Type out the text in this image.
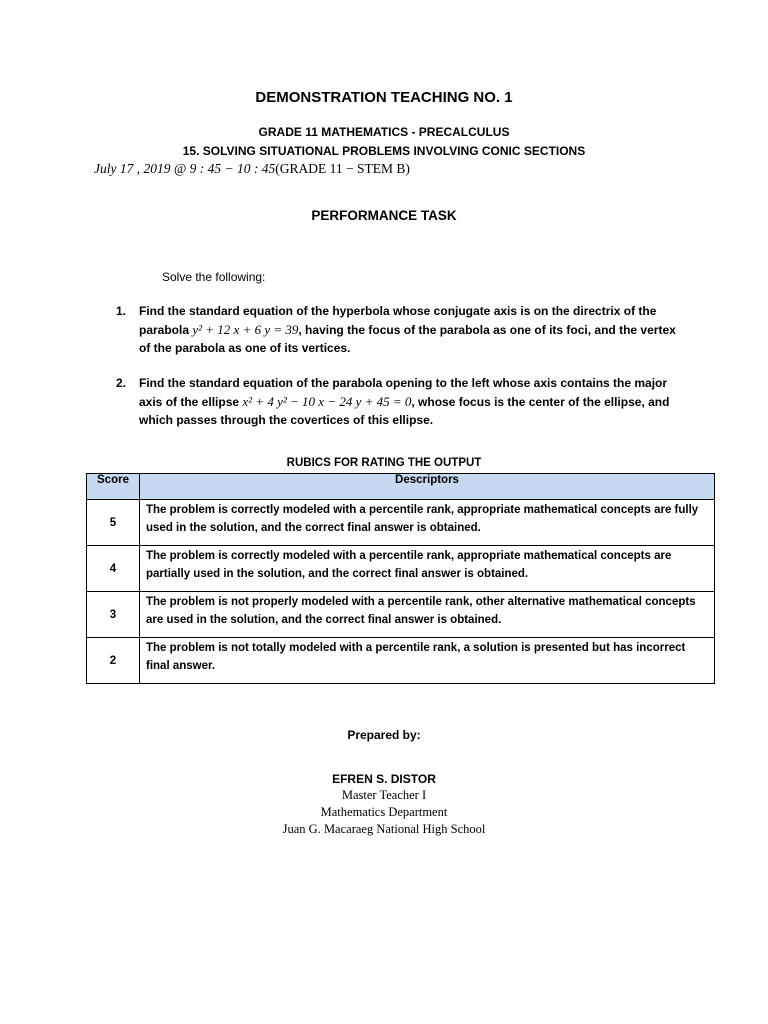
DEMONSTRATION TEACHING NO. 1
GRADE 11 MATHEMATICS - PRECALCULUS
15. SOLVING SITUATIONAL PROBLEMS INVOLVING CONIC SECTIONS
July 17 , 2019 @ 9 : 45 − 10 : 45(GRADE 11 − STEM B)
PERFORMANCE TASK
Solve the following:
1.	Find the standard equation of the hyperbola whose conjugate axis is on the directrix of the parabola y² + 12 x + 6 y = 39, having the focus of the parabola as one of its foci, and the vertex of the parabola as one of its vertices.
2.	Find the standard equation of the parabola opening to the left whose axis contains the major axis of the ellipse x² + 4 y² − 10 x − 24 y + 45 = 0, whose focus is the center of the ellipse, and which passes through the covertices of this ellipse.
RUBICS FOR RATING THE OUTPUT
Score	Descriptors
5	The problem is correctly modeled with a percentile rank, appropriate mathematical concepts are fully used in the solution, and the correct final answer is obtained.
4	The problem is correctly modeled with a percentile rank, appropriate mathematical concepts are partially used in the solution, and the correct final answer is obtained.
3	The problem is not properly modeled with a percentile rank, other alternative mathematical concepts are used in the solution, and the correct final answer is obtained.
2	The problem is not totally modeled with a percentile rank, a solution is presented but has incorrect final answer.
Prepared by:
EFREN S. DISTOR
Master Teacher I
Mathematics Department
Juan G. Macaraeg National High School
